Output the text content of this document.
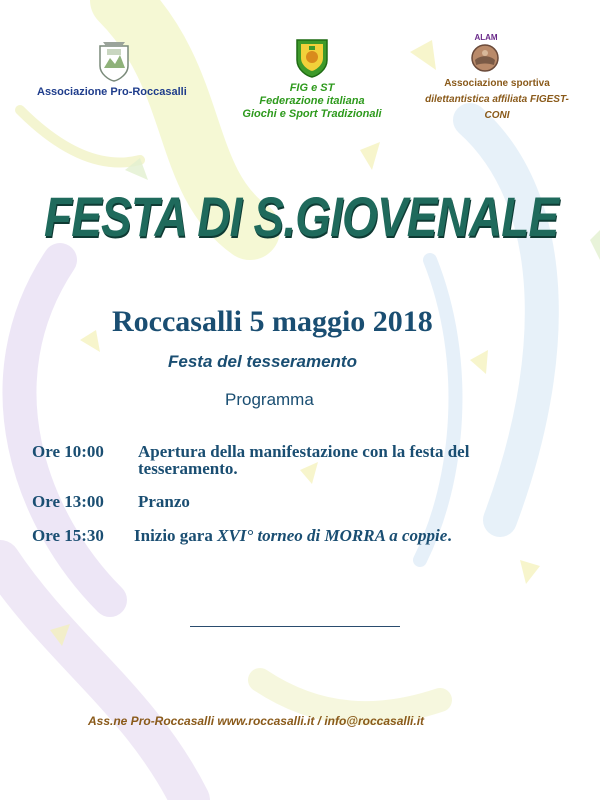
Associazione Pro-Roccasalli	FIG e ST
Federazione italiana
Giochi e Sport Tradizionali
ALAM
Associazione sportiva
dilettantistica affiliata FIGEST- CONI
FESTA DI S.GIOVENALE
Roccasalli 5 maggio 2018
Festa del tesseramento
Programma
Ore 10:00 Apertura della manifestazione con la festa del
tesseramento.
Ore 13:00 Pranzo
Ore 15:30 Inizio gara XVI° torneo di MORRA a coppie.
Ass.ne Pro-Roccasalli www.roccasalli.it / info@roccasalli.it
